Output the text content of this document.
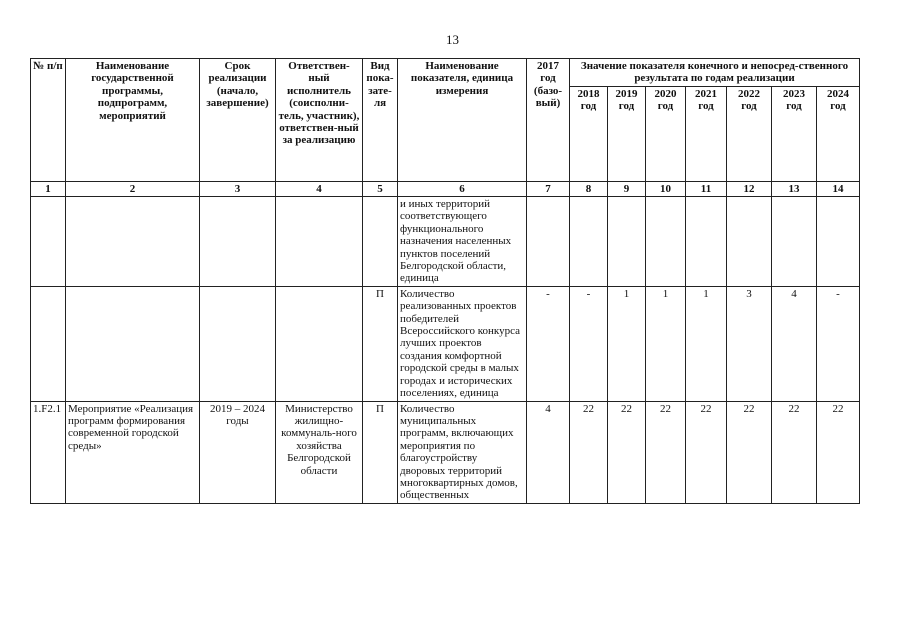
13
№ п/п	Наименование государственной программы, подпрограмм, мероприятий	Срок реализации (начало, завершение)	Ответствен-ный исполнитель (соисполни-тель, участник), ответствен-ный за реализацию	Вид пока-зате-ля	Наименование показателя, единица измерения	2017 год (базо-вый)	Значение показателя конечного и непосред-ственного результата по годам реализации						
							2018 год	2019 год	2020 год	2021 год	2022 год	2023 год	2024 год
1	2	3	4	5	6	7	8	9	10	11	12	13	14
					и иных территорий соответствующего функционального назначения населенных пунктов поселений Белгородской области, единица								
				П	Количество реализованных проектов победителей Всероссийского конкурса лучших проектов создания комфортной городской среды в малых городах и исторических поселениях, единица	-	-	1	1	1	3	4	-
1.F2.1	Мероприятие «Реализация программ формирования современной городской среды»	2019 – 2024 годы	Министерство жилищно-коммуналь-ного хозяйства Белгородской области	П	Количество муниципальных программ, включающих мероприятия по благоустройству дворовых территорий многоквартирных домов, общественных	4	22	22	22	22	22	22	22
